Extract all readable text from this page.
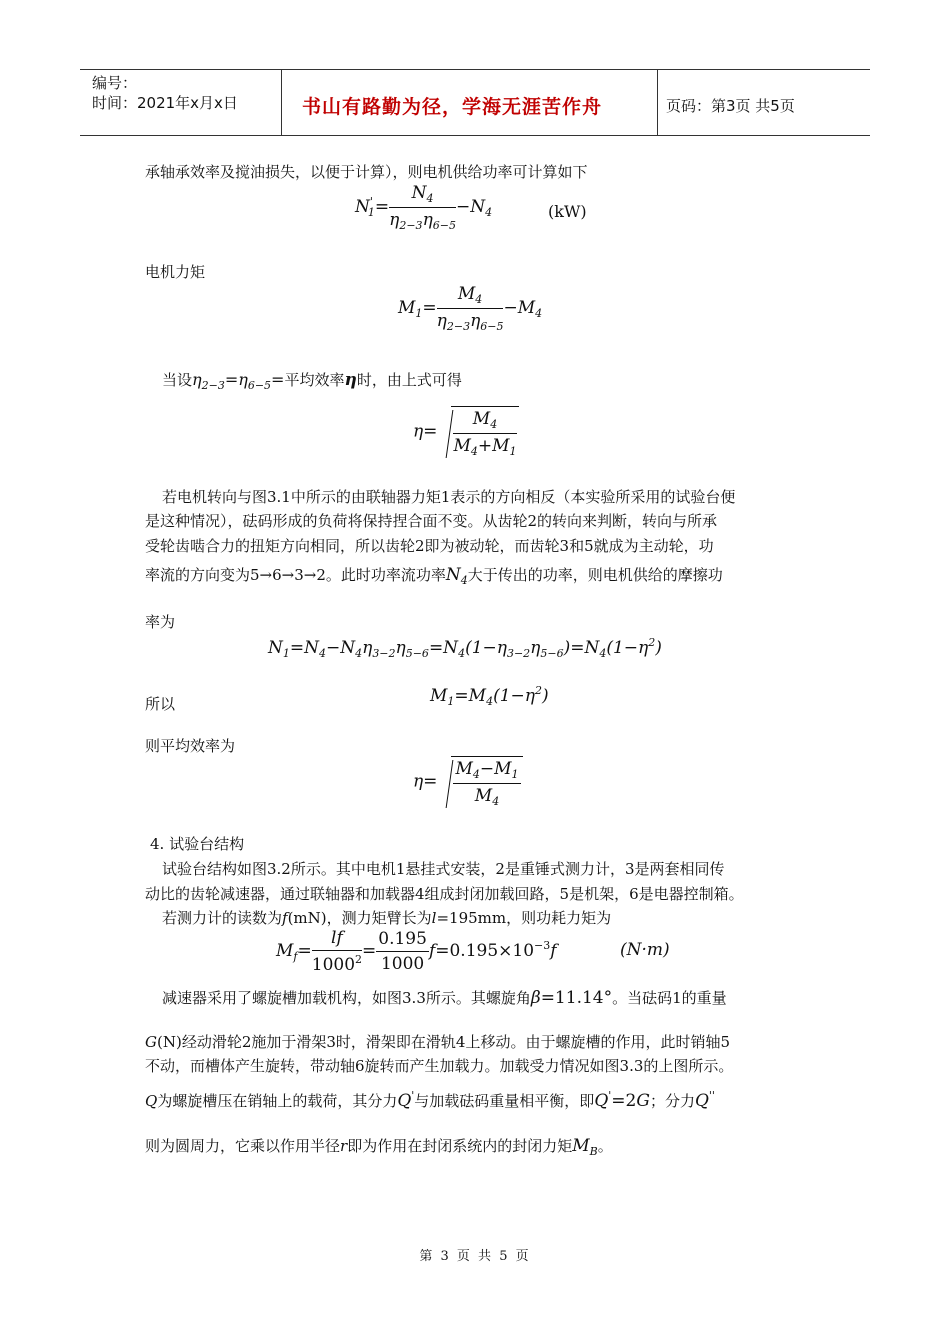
编号：
时间：2021年x月x日	书山有路勤为径，学海无涯苦作舟	页码：第3页 共5页
承轴承效率及搅油损失，以便于计算），则电机供给功率可计算如下
$N'_1= \frac{N_4}{\eta_{2-3}\eta_{6-5}} -N_4$	(kW)
电机力矩
$M_1= \frac{M_4}{\eta_{2-3}\eta_{6-5}} -M_4$
当设$\eta_{2-3}=\eta_{6-5}=$平均效率η时，由上式可得
$\eta= \frac{M_4}{M_4+M_1}$
若电机转向与图3.1中所示的由联轴器力矩1表示的方向相反（本实验所采用的试验台便
是这种情况），砝码形成的负荷将保持捏合面不变。从齿轮2的转向来判断，转向与所承
受轮齿啮合力的扭矩方向相同，所以齿轮2即为被动轮，而齿轮3和5就成为主动轮，功
率流的方向变为5→6→3→2。此时功率流功率$N_4$大于传出的功率，则电机供给的摩擦功
率为
$N_1=N_4-N_4\eta_{3-2}\eta_{5-6}=N_4(1-\eta_{3-2}\eta_{5-6})=N_4(1-\eta^2)$
所以	$M_1=M_4(1-\eta^2)$
则平均效率为
$\eta= \frac{M_4-M_1}{M_4}$
4. 试验台结构
试验台结构如图3.2所示。其中电机1悬挂式安装，2是重锤式测力计，3是两套相同传
动比的齿轮减速器，通过联轴器和加载器4组成封闭加载回路，5是机架，6是电器控制箱。
若测力计的读数为f(mN)，测力矩臂长为l=195mm，则功耗力矩为
$M_f= \frac{lf}{1000^2} = \frac{0.195}{1000} f=0.195\times 10^{-3}f$	(N·m)
减速器采用了螺旋槽加载机构，如图3.3所示。其螺旋角β=11.14°。当砝码1的重量
G(N)经动滑轮2施加于滑架3时，滑架即在滑轨4上移动。由于螺旋槽的作用，此时销轴5
不动，而槽体产生旋转，带动轴6旋转而产生加载力。加载受力情况如图3.3的上图所示。
Q为螺旋槽压在销轴上的载荷，其分力Q'与加载砝码重量相平衡，即Q'=2G；分力Q''
则为圆周力，它乘以作用半径r即为作用在封闭系统内的封闭力矩$M_B$。
第 3 页 共 5 页
